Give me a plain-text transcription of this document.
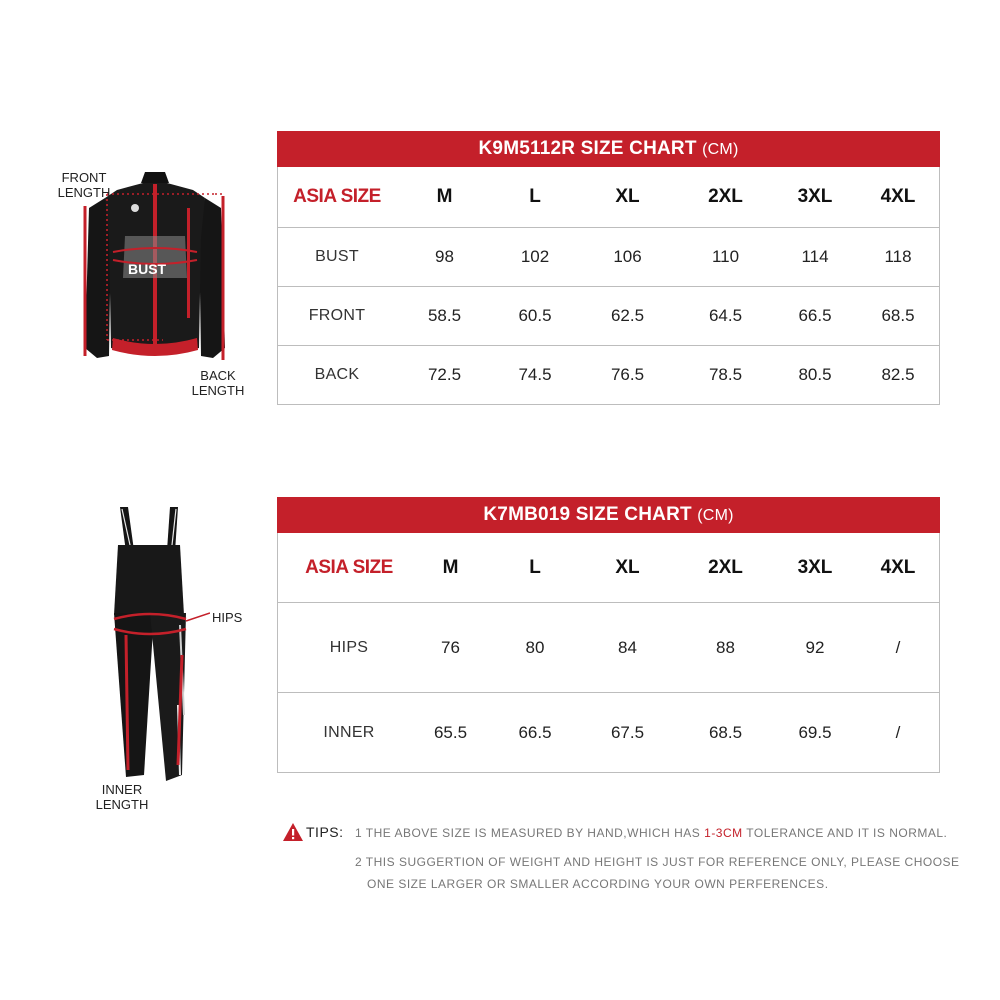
FRONT
LENGTH
BUST
BACK
LENGTH
HIPS
INNER
LENGTH
K9M5112R SIZE CHART (CM)
ASIA SIZE	M	L	XL	2XL	3XL	4XL
BUST	98	102	106	110	114	118
FRONT	58.5	60.5	62.5	64.5	66.5	68.5
BACK	72.5	74.5	76.5	78.5	80.5	82.5
K7MB019 SIZE CHART (CM)
ASIA SIZE	M	L	XL	2XL	3XL	4XL
HIPS	76	80	84	88	92	/
INNER	65.5	66.5	67.5	68.5	69.5	/
TIPS: 1 THE ABOVE SIZE IS MEASURED BY HAND,WHICH HAS 1-3CM TOLERANCE AND IT IS NORMAL.
2 THIS SUGGERTION OF WEIGHT AND HEIGHT IS JUST FOR REFERENCE ONLY, PLEASE CHOOSE
ONE SIZE LARGER OR SMALLER ACCORDING YOUR OWN PERFERENCES.
